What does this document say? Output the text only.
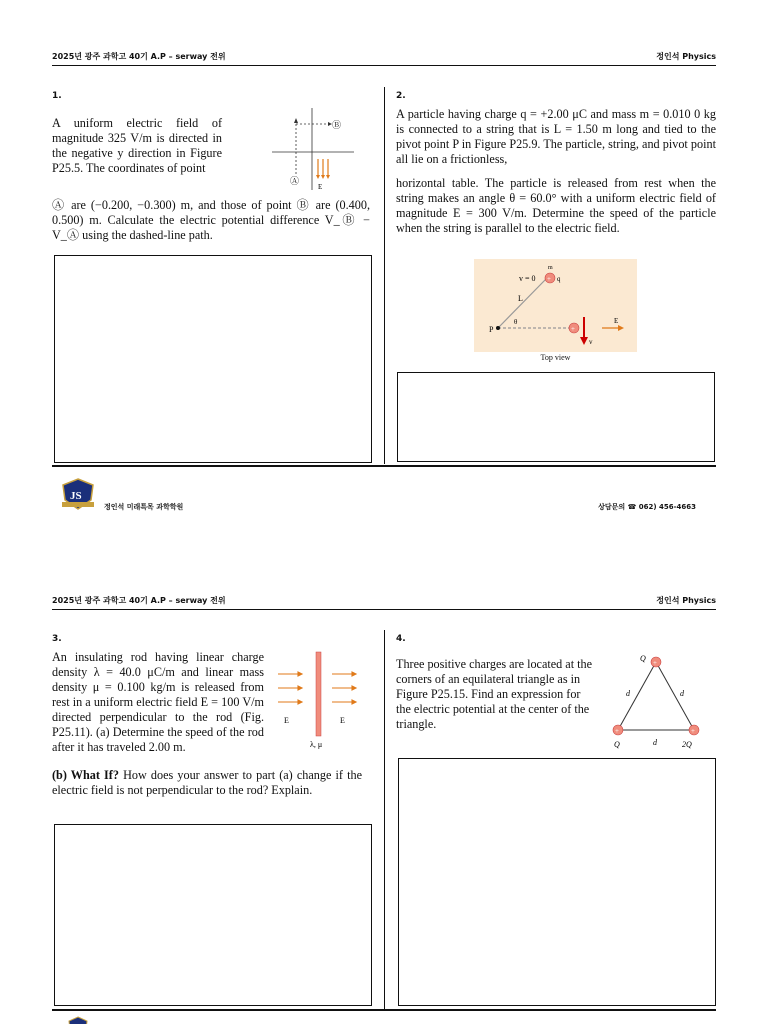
2025년 광주 과학고 40기 A.P – serway 전위	정인석 Physics
1.
A uniform electric field of magnitude 325 V/m is directed in the negative y direction in Figure P25.5. The coordinates of point
Ⓐ
Ⓑ
E
Ⓐ are (−0.200, −0.300) m, and those of point Ⓑ are (0.400, 0.500) m. Calculate the electric potential difference V_Ⓑ − V_Ⓐ using the dashed-line path.
2.
A particle having charge q = +2.00 μC and mass m = 0.010 0 kg is connected to a string that is L = 1.50 m long and tied to the pivot point P in Figure P25.9. The particle, string, and pivot point all lie on a frictionless,
horizontal table. The particle is released from rest when the string makes an angle θ = 60.0° with a uniform electric field of magnitude E = 300 V/m. Determine the speed of the particle when the string is parallel to the electric field.
+
+
v = 0
m
q
L
θ
P
v
E
Top view
JS
정인석 미래특목 과학학원	상담문의 ☎ 062) 456-4663
2025년 광주 과학고 40기 A.P – serway 전위	정인석 Physics
3.
An insulating rod having linear charge density λ = 40.0 μC/m and linear mass density μ = 0.100 kg/m is released from rest in a uniform electric field E = 100 V/m directed perpendicular to the rod (Fig. P25.11). (a) Determine the speed of the rod after it has traveled 2.00 m.
(b) What If? How does your answer to part (a) change if the electric field is not perpendicular to the rod? Explain.
E	E
λ, μ
4.
Three positive charges are located at the corners of an equilateral triangle as in Figure P25.15. Find an expression for the electric potential at the center of the triangle.
+
+	+
Q
Q	2Q
d	d
d
